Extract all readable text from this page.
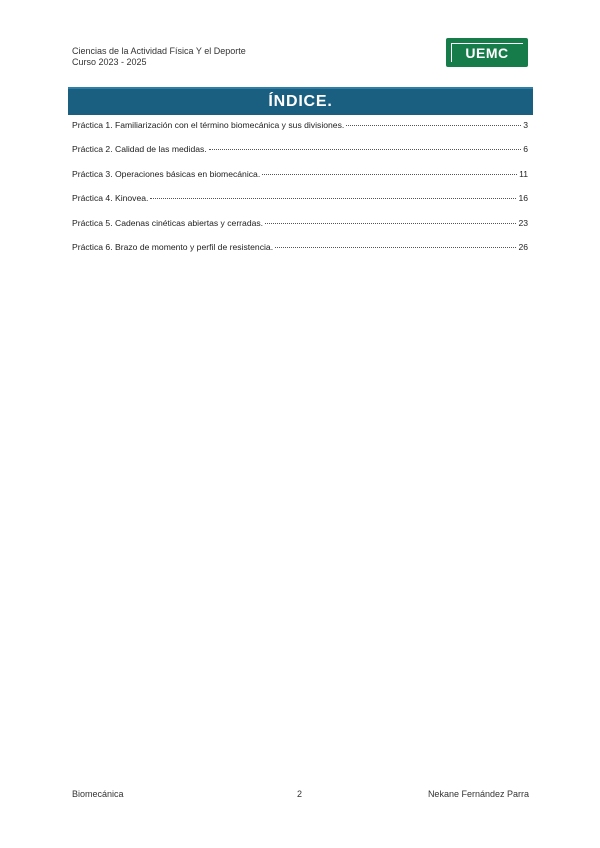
Ciencias de la Actividad Física Y el Deporte
Curso 2023 - 2025
UEMC
ÍNDICE.
Práctica 1. Familiarización con el término biomecánica y sus divisiones.	3
Práctica 2. Calidad de las medidas.	6
Práctica 3. Operaciones básicas en biomecánica.	11
Práctica 4. Kinovea.	16
Práctica 5. Cadenas cinéticas abiertas y cerradas.	23
Práctica 6. Brazo de momento y perfil de resistencia.	26
Biomecánica	2	Nekane Fernández Parra
